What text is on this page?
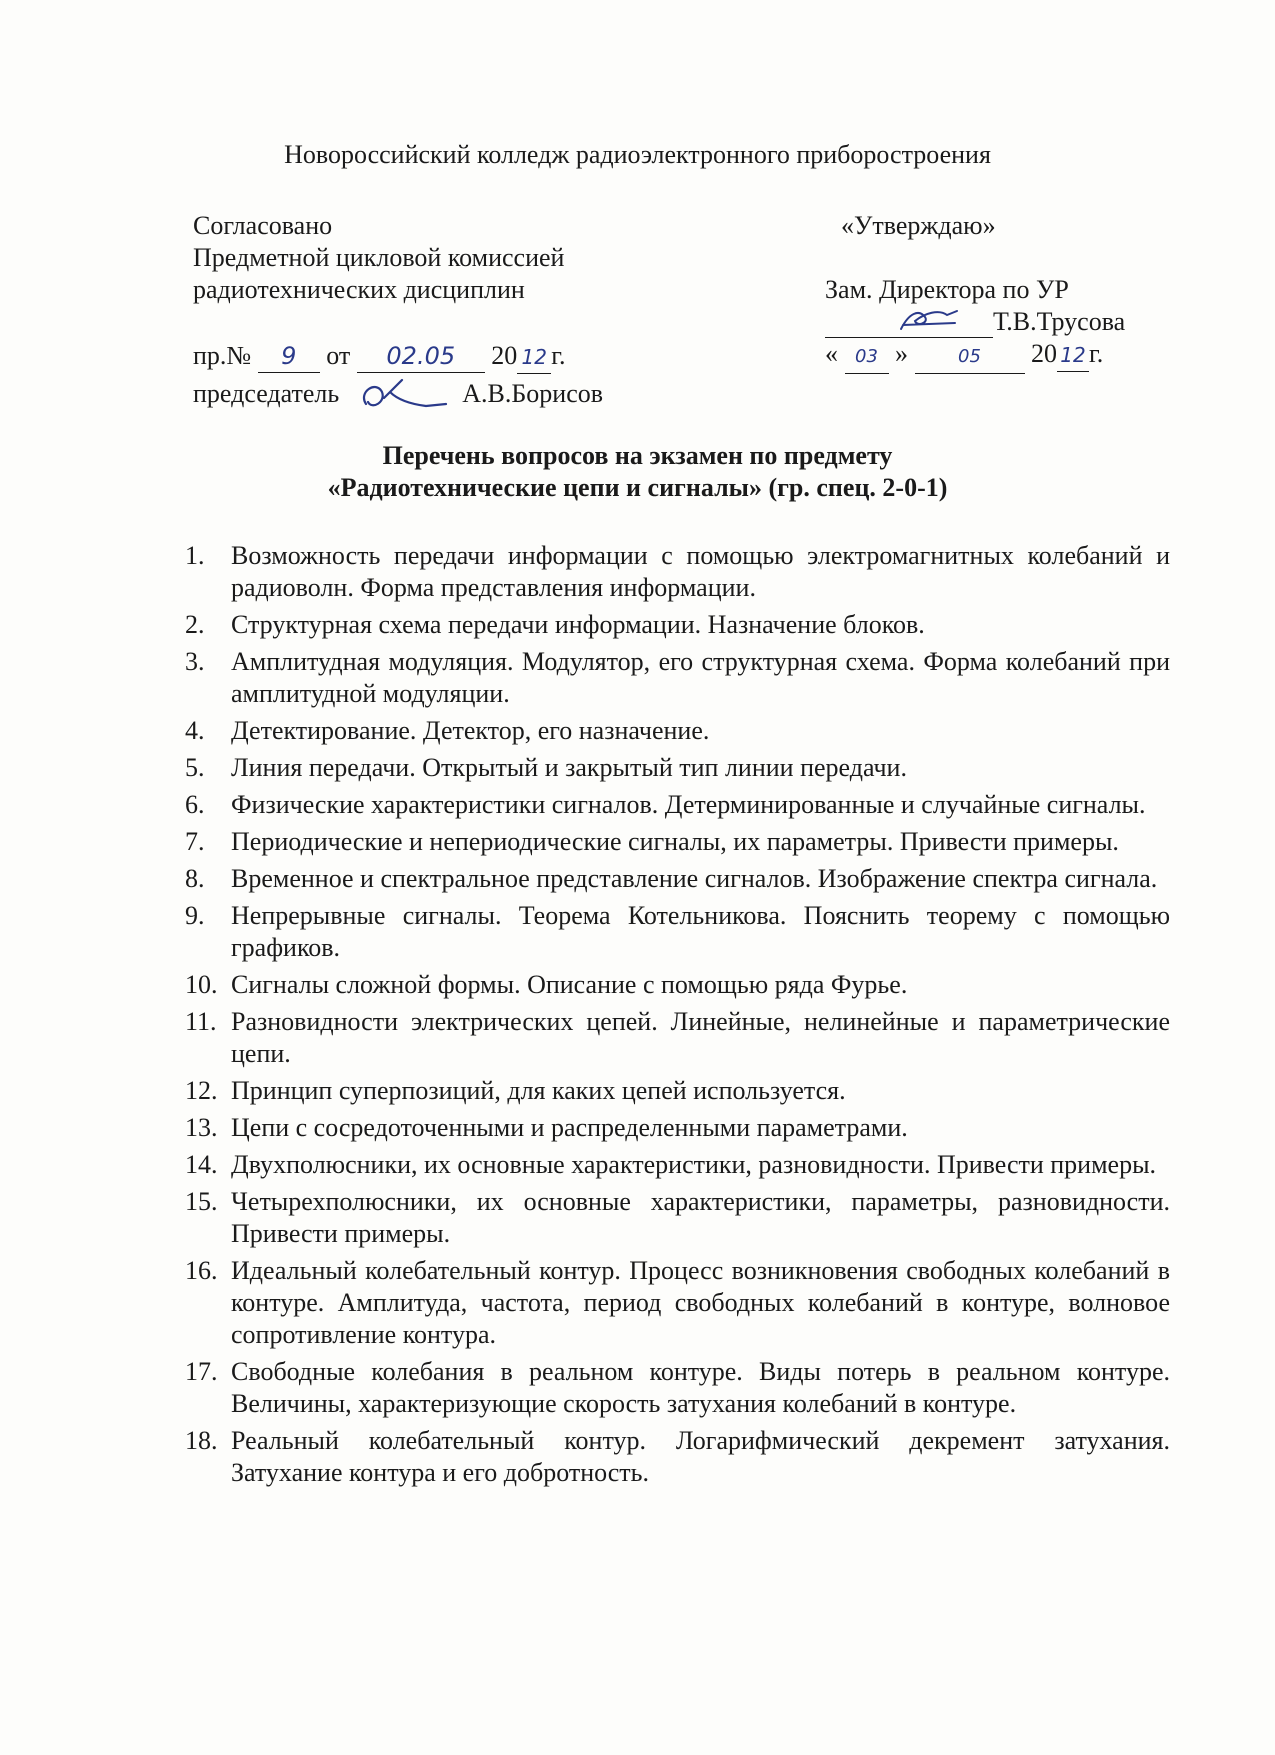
Новороссийский колледж радиоэлектронного приборостроения
Согласовано
Предметной цикловой комиссией
радиотехнических дисциплин
пр.№ 9 от 02.05 20 12 г.
председатель	А.В.Борисов
«Утверждаю»
Зам. Директора по УР
Т.В.Трусова
« 03 »	05 20 12 г.
Перечень вопросов на экзамен по предмету
«Радиотехнические цепи и сигналы» (гр. спец. 2-0-1)
1.	Возможность передачи информации с помощью электромагнитных колебаний и радиоволн. Форма представления информации.
2.	Структурная схема передачи информации. Назначение блоков.
3.	Амплитудная модуляция. Модулятор, его структурная схема. Форма колебаний при амплитудной модуляции.
4.	Детектирование. Детектор, его назначение.
5.	Линия передачи. Открытый и закрытый тип линии передачи.
6.	Физические характеристики сигналов. Детерминированные и случайные сигналы.
7.	Периодические и непериодические сигналы, их параметры. Привести примеры.
8.	Временное и спектральное представление сигналов. Изображение спектра сигнала.
9.	Непрерывные сигналы. Теорема Котельникова. Пояснить теорему с помощью графиков.
10. Сигналы сложной формы. Описание с помощью ряда Фурье.
11. Разновидности электрических цепей. Линейные, нелинейные и параметрические цепи.
12. Принцип суперпозиций, для каких цепей используется.
13. Цепи с сосредоточенными и распределенными параметрами.
14. Двухполюсники, их основные характеристики, разновидности. Привести примеры.
15. Четырехполюсники, их основные характеристики, параметры, разновидности. Привести примеры.
16. Идеальный колебательный контур. Процесс возникновения свободных колебаний в контуре. Амплитуда, частота, период свободных колебаний в контуре, волновое сопротивление контура.
17. Свободные колебания в реальном контуре. Виды потерь в реальном контуре. Величины, характеризующие скорость затухания колебаний в контуре.
18. Реальный колебательный контур. Логарифмический декремент затухания. Затухание контура и его добротность.
